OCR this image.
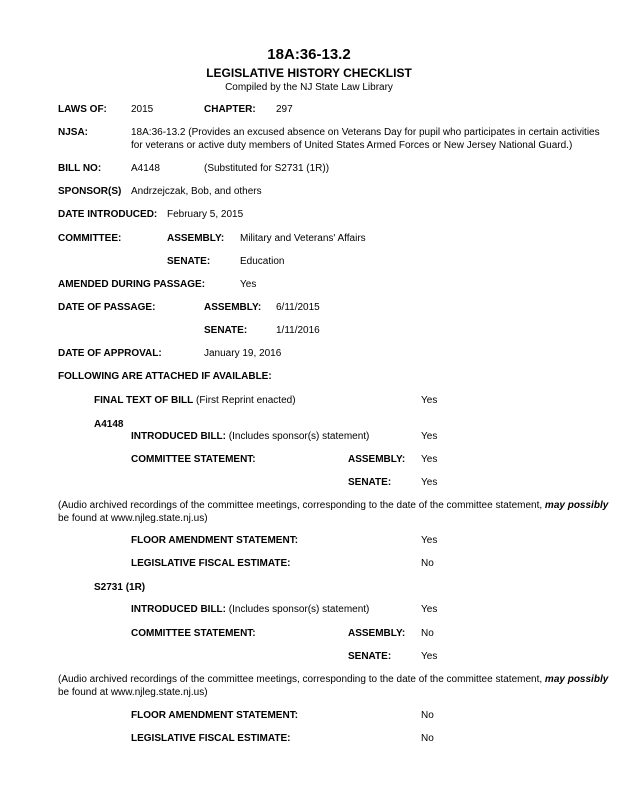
18A:36-13.2
LEGISLATIVE HISTORY CHECKLIST
Compiled by the NJ State Law Library
LAWS OF: 2015	CHAPTER: 297
NJSA:	18A:36-13.2 (Provides an excused absence on Veterans Day for pupil who participates in certain activities
for veterans or active duty members of United States Armed Forces or New Jersey National Guard.)
BILL NO:	A4148	(Substituted for S2731 (1R))
SPONSOR(S) Andrzejczak, Bob, and others
DATE INTRODUCED: February 5, 2015
COMMITTEE:	ASSEMBLY: Military and Veterans' Affairs
SENATE:	Education
AMENDED DURING PASSAGE:	Yes
DATE OF PASSAGE:	ASSEMBLY: 6/11/2015
SENATE:	1/11/2016
DATE OF APPROVAL:	January 19, 2016
FOLLOWING ARE ATTACHED IF AVAILABLE:
FINAL TEXT OF BILL (First Reprint enacted)	Yes
A4148
INTRODUCED BILL: (Includes sponsor(s) statement)	Yes
COMMITTEE STATEMENT:	ASSEMBLY: Yes
SENATE:	Yes
(Audio archived recordings of the committee meetings, corresponding to the date of the committee statement, may possibly
be found at www.njleg.state.nj.us)
FLOOR AMENDMENT STATEMENT:	Yes
LEGISLATIVE FISCAL ESTIMATE:	No
S2731 (1R)
INTRODUCED BILL: (Includes sponsor(s) statement)	Yes
COMMITTEE STATEMENT:	ASSEMBLY: No
SENATE:	Yes
(Audio archived recordings of the committee meetings, corresponding to the date of the committee statement, may possibly
be found at www.njleg.state.nj.us)
FLOOR AMENDMENT STATEMENT:	No
LEGISLATIVE FISCAL ESTIMATE:	No
